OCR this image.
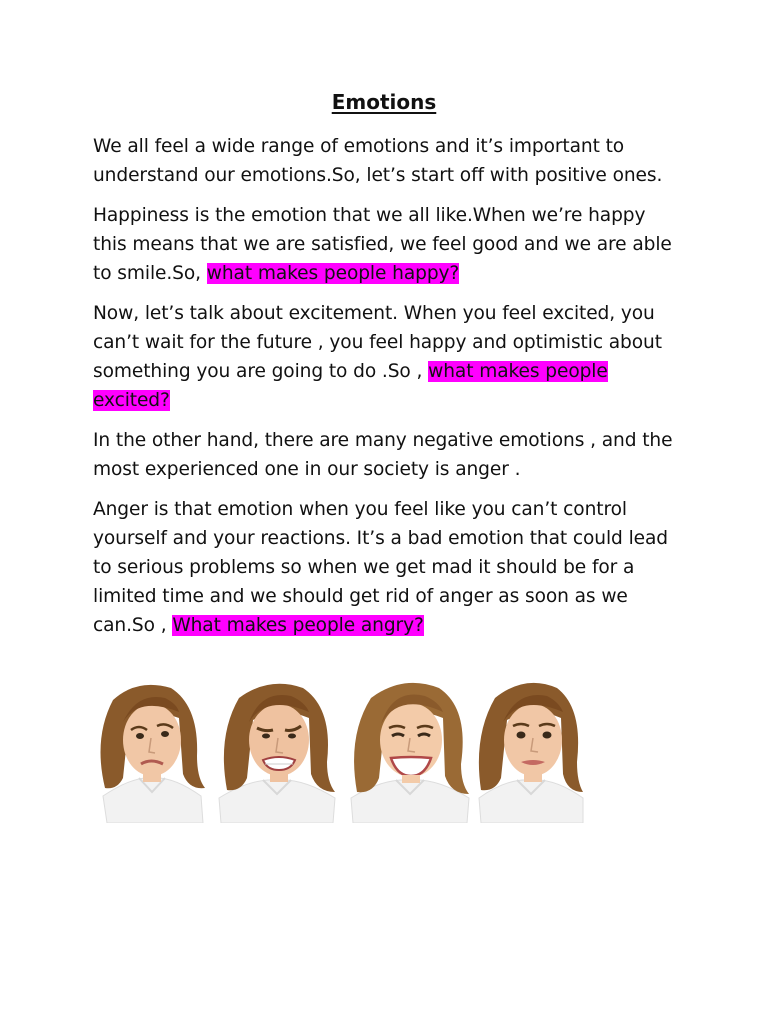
Emotions

We all feel a wide range of emotions and it’s important to understand our emotions.So, let’s start off with positive ones.

Happiness is the emotion that we all like.When we’re happy this means that we are satisfied, we feel good and we are able to smile.So, what makes people happy?

Now, let’s talk about excitement. When you feel excited, you can’t wait for the future , you feel happy and optimistic about something you are going to do .So , what makes people excited?

In the other hand, there are many negative emotions , and the most experienced one in our society is anger .

Anger is that emotion when you feel like you can’t control yourself and your reactions. It’s a bad emotion that could lead to serious problems so when we get mad it should be for a limited time and we should get rid of anger as soon as we can.So , What makes people angry?
